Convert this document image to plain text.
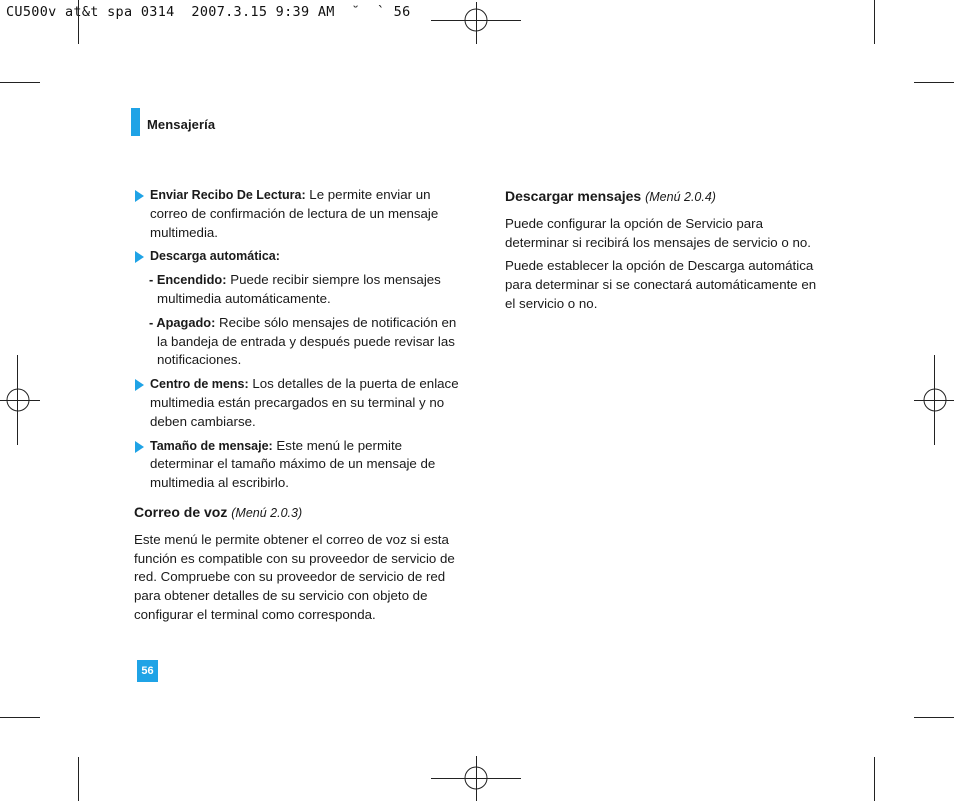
CU500v at&t spa 0314  2007.3.15 9:39 AM  ˘  ` 56
Mensajería
Enviar Recibo De Lectura: Le permite enviar un correo de confirmación de lectura de un mensaje multimedia.
Descarga automática:
- Encendido: Puede recibir siempre los mensajes multimedia automáticamente.
- Apagado: Recibe sólo mensajes de notificación en la bandeja de entrada y después puede revisar las notificaciones.
Centro de mens: Los detalles de la puerta de enlace multimedia están precargados en su terminal y no deben cambiarse.
Tamaño de mensaje: Este menú le permite determinar el tamaño máximo de un mensaje de multimedia al escribirlo.
Correo de voz (Menú 2.0.3)

Este menú le permite obtener el correo de voz si esta función es compatible con su proveedor de servicio de red. Compruebe con su proveedor de servicio de red para obtener detalles de su servicio con objeto de configurar el terminal como corresponda.

Descargar mensajes (Menú 2.0.4)

Puede configurar la opción de Servicio para determinar si recibirá los mensajes de servicio o no.

Puede establecer la opción de Descarga automática para determinar si se conectará automáticamente en el servicio o no.

56
